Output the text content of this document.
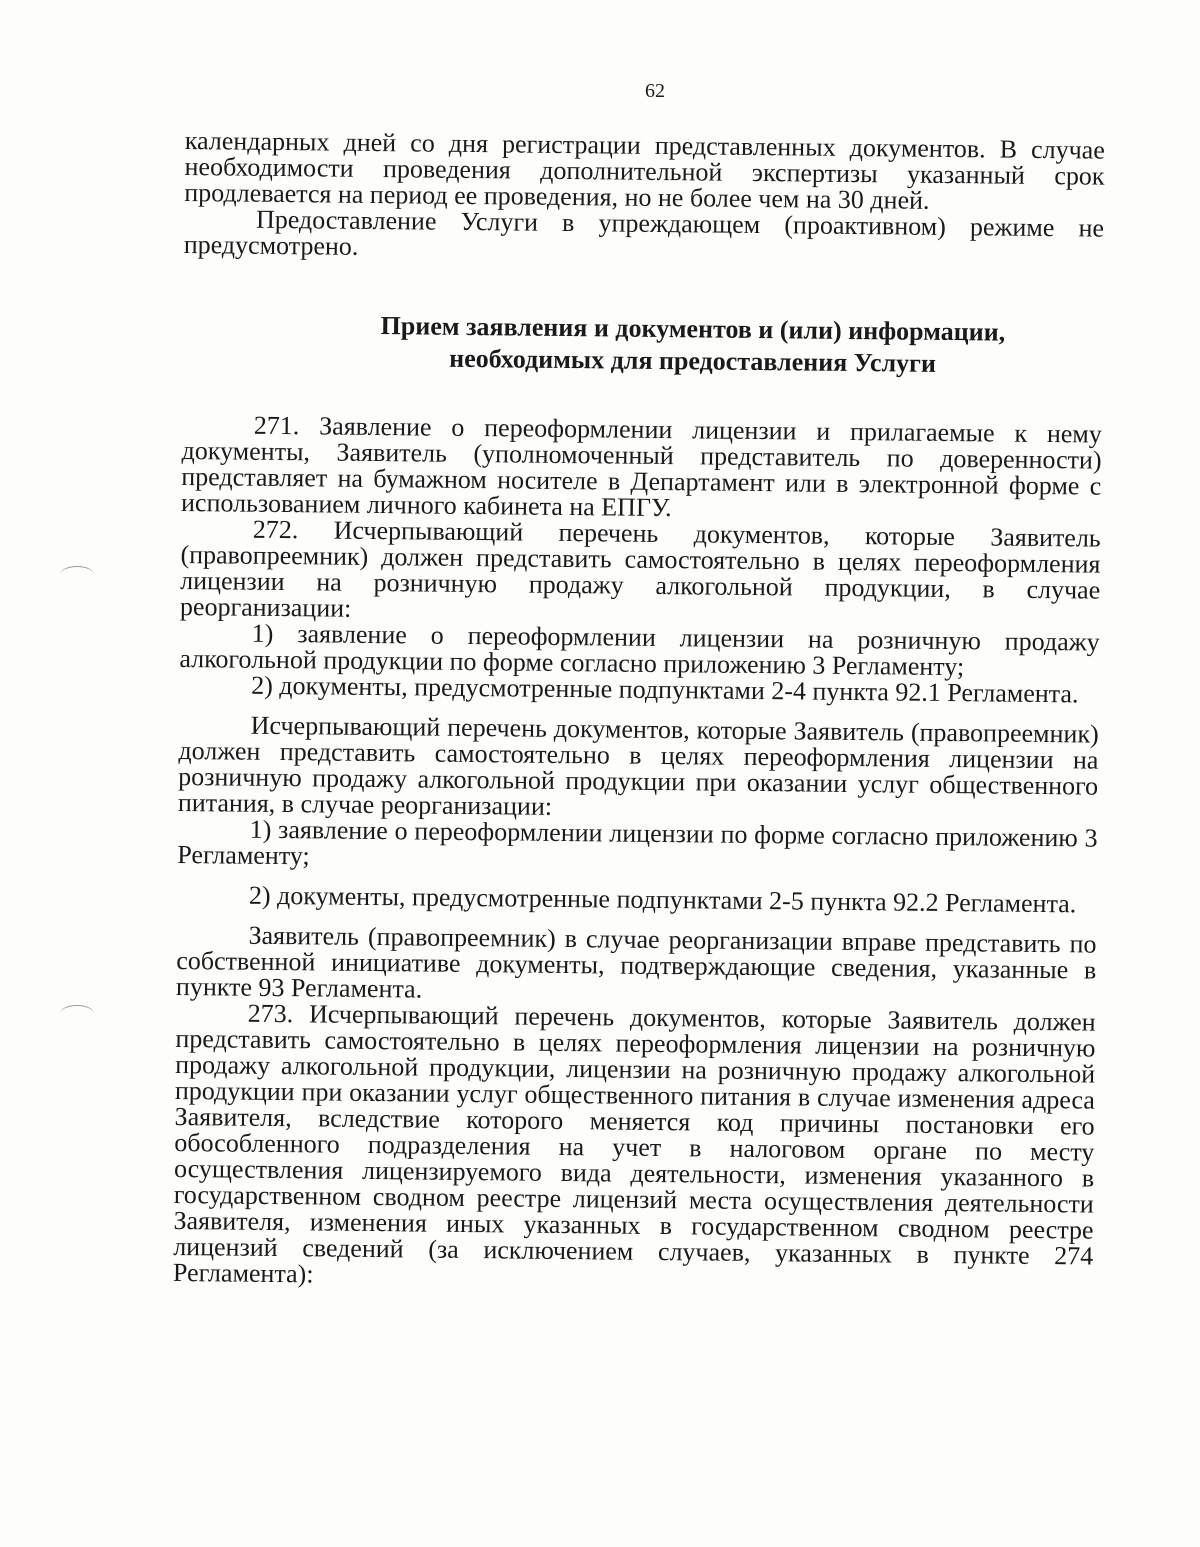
62

календарных дней со дня регистрации представленных документов. В случае необходимости проведения дополнительной экспертизы указанный срок продлевается на период ее проведения, но не более чем на 30 дней.

Предоставление Услуги в упреждающем (проактивном) режиме не предусмотрено.

Прием заявления и документов и (или) информации,
необходимых для предоставления Услуги

271. Заявление о переоформлении лицензии и прилагаемые к нему документы, Заявитель (уполномоченный представитель по доверенности) представляет на бумажном носителе в Департамент или в электронной форме с использованием личного кабинета на ЕПГУ.

272. Исчерпывающий перечень документов, которые Заявитель (правопреемник) должен представить самостоятельно в целях переоформления лицензии на розничную продажу алкогольной продукции, в случае реорганизации:

1) заявление о переоформлении лицензии на розничную продажу алкогольной продукции по форме согласно приложению 3 Регламенту;

2) документы, предусмотренные подпунктами 2-4 пункта 92.1 Регламента.

Исчерпывающий перечень документов, которые Заявитель (правопреемник) должен представить самостоятельно в целях переоформления лицензии на розничную продажу алкогольной продукции при оказании услуг общественного питания, в случае реорганизации:

1) заявление о переоформлении лицензии по форме согласно приложению 3 Регламенту;

2) документы, предусмотренные подпунктами 2-5 пункта 92.2 Регламента.

Заявитель (правопреемник) в случае реорганизации вправе представить по собственной инициативе документы, подтверждающие сведения, указанные в пункте 93 Регламента.

273. Исчерпывающий перечень документов, которые Заявитель должен представить самостоятельно в целях переоформления лицензии на розничную продажу алкогольной продукции, лицензии на розничную продажу алкогольной продукции при оказании услуг общественного питания в случае изменения адреса Заявителя, вследствие которого меняется код причины постановки его обособленного подразделения на учет в налоговом органе по месту осуществления лицензируемого вида деятельности, изменения указанного в государственном сводном реестре лицензий места осуществления деятельности Заявителя, изменения иных указанных в государственном сводном реестре лицензий сведений (за исключением случаев, указанных в пункте 274 Регламента):
